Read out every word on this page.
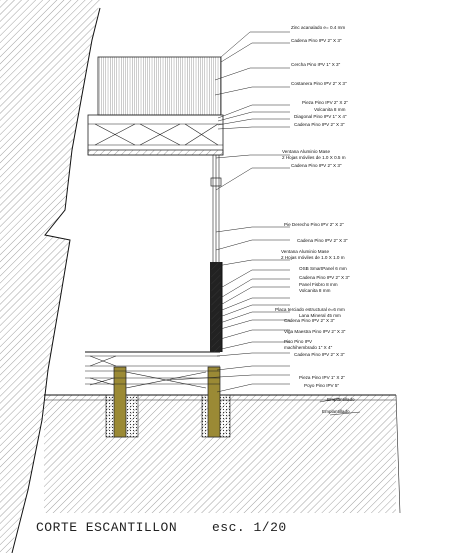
Zinc acanalado e= 0.4 mm
Cadena Pino IPV 2" X 3"
Cercha Pino IPV 1" X 3"
Costanera Pino IPV 2" X 3"
Pieza Pino IPV 2" X 2"
Volcanita 8 mm
Diagonal Pino IPV 1" X 4"
Cadena Pino IPV 2" X 3"
Ventana Aluminio Mase
2 Hojas móviles de 1.0 X 0.5 m
Cadena Pino IPV 2" X 3"
Pie Derecho Pino IPV 2" X 2"
Cadena Pino IPV 2" X 3"
Ventana Aluminio Mase
2 Hojas móviles de 1.0 X 1.0 m
OSB SmartPanel 6 mm
Cadena Pino IPV 2" X 3"
Panel Fisbro 8 mm
Volcanita 8 mm
Placa terciado estructural e=6 mm
Lana Mineral 45 mm
Cadena Pino IPV 2" X 3"
Viga Maestra Pino IPV 2" X 3"
Piso Pino IPV
machihembrado 1" X 4"
Cadena Pino IPV 2" X 3"
Pieza Pino IPV 1" X 2"
Poyo Pino IPV 5"
Emplantillado
Emplantillado
CORTE ESCANTILLON	esc. 1/20
